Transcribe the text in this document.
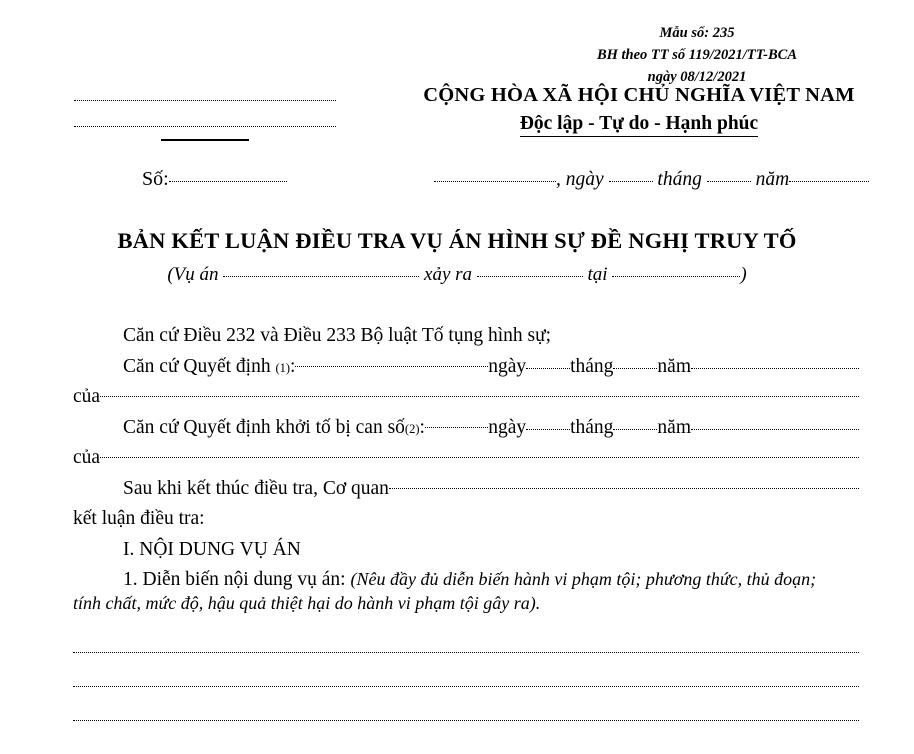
Mẫu số: 235
BH theo TT số 119/2021/TT-BCA
ngày 08/12/2021
CỘNG HÒA XÃ HỘI CHỦ NGHĨA VIỆT NAM
Độc lập - Tự do - Hạnh phúc
Số:	, ngày	tháng	năm
BẢN KẾT LUẬN ĐIỀU TRA VỤ ÁN HÌNH SỰ ĐỀ NGHỊ TRUY TỐ
(Vụ án	xảy ra	tại	)
Căn cứ Điều 232 và Điều 233 Bộ luật Tố tụng hình sự;
Căn cứ Quyết định
(1) :	ngày tháng năm
của
Căn cứ Quyết định khởi tố bị can số (2) :	ngày tháng năm
của
Sau khi kết thúc điều tra, Cơ quan
kết luận điều tra:
I. NỘI DUNG VỤ ÁN
1. Diễn biến nội dung vụ án: (Nêu đầy đủ diễn biến hành vi phạm tội; phương thức, thủ đoạn;
tính chất, mức độ, hậu quả thiệt hại do hành vi phạm tội gây ra).
